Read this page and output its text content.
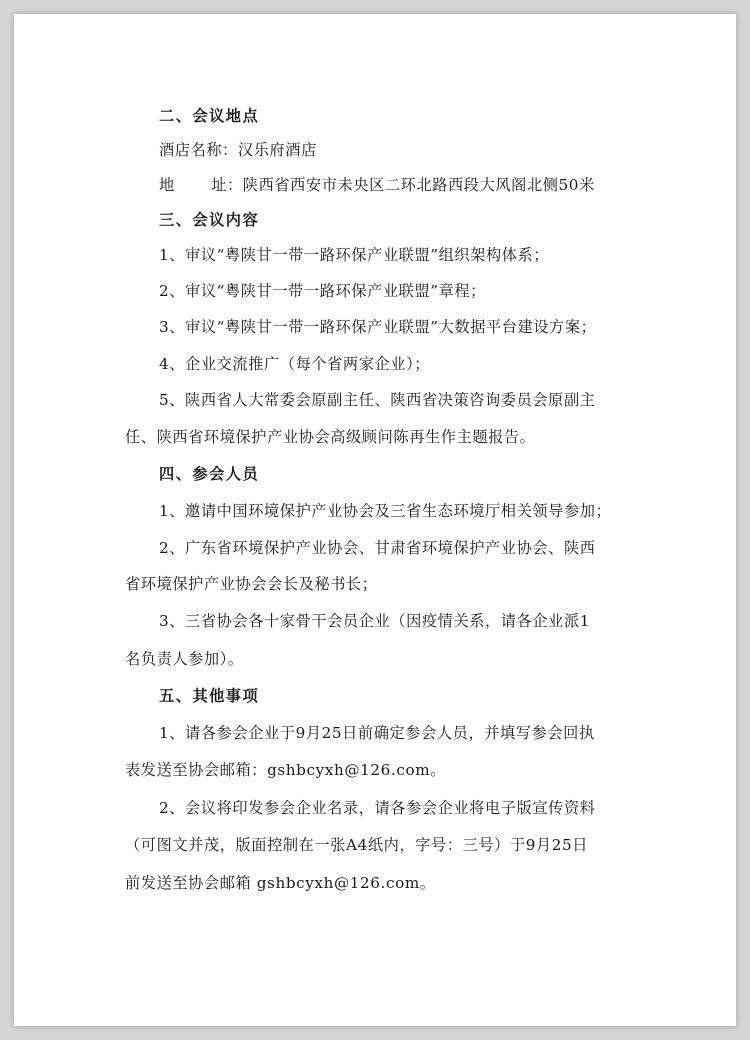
二、会议地点
酒店名称：汉乐府酒店
地　　址：陕西省西安市未央区二环北路西段大风阁北侧50米
三、会议内容
1、审议“粤陕甘一带一路环保产业联盟”组织架构体系；
2、审议“粤陕甘一带一路环保产业联盟”章程；
3、审议“粤陕甘一带一路环保产业联盟”大数据平台建设方案；
4、企业交流推广（每个省两家企业）；
5、陕西省人大常委会原副主任、陕西省决策咨询委员会原副主
任、陕西省环境保护产业协会高级顾问陈再生作主题报告。
四、参会人员
1、邀请中国环境保护产业协会及三省生态环境厅相关领导参加；
2、广东省环境保护产业协会、甘肃省环境保护产业协会、陕西
省环境保护产业协会会长及秘书长；
3、三省协会各十家骨干会员企业（因疫情关系，请各企业派1
名负责人参加）。
五、其他事项
1、请各参会企业于9月25日前确定参会人员，并填写参会回执
表发送至协会邮箱：gshbcyxh@126.com。
2、会议将印发参会企业名录，请各参会企业将电子版宣传资料
（可图文并茂，版面控制在一张A4纸内，字号：三号）于9月25日
前发送至协会邮箱 gshbcyxh@126.com。
